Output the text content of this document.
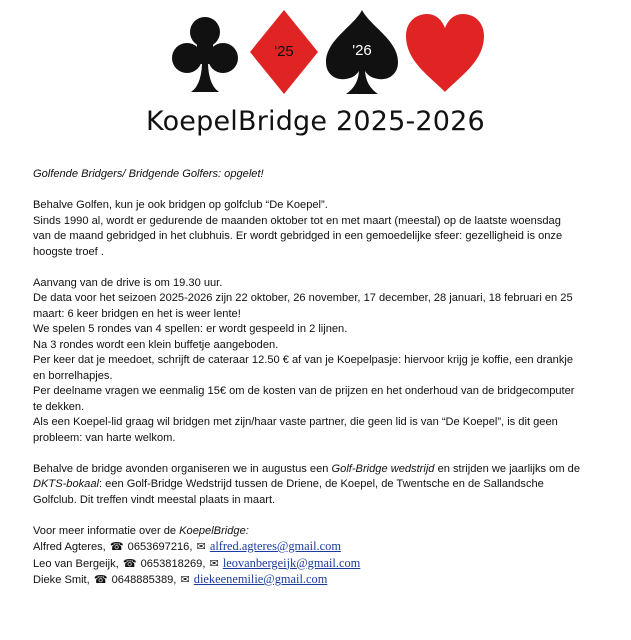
'25	'26
KoepelBridge 2025-2026

Golfende Bridgers/ Bridgende Golfers: opgelet!

Behalve Golfen, kun je ook bridgen op golfclub “De Koepel”.

Sinds 1990 al, wordt er gedurende de maanden oktober tot en met maart (meestal) op de laatste woensdag

van de maand gebridged in het clubhuis. Er wordt gebridged in een gemoedelijke sfeer: gezelligheid is onze

hoogste troef .

Aanvang van de drive is om 19.30 uur.

De data voor het seizoen 2025-2026 zijn 22 oktober, 26 november, 17 december, 28 januari, 18 februari en 25

maart: 6 keer bridgen en het is weer lente!

We spelen 5 rondes van 4 spellen: er wordt gespeeld in 2 lijnen.

Na 3 rondes wordt een klein buffetje aangeboden.

Per keer dat je meedoet, schrijft de cateraar 12.50 € af van je Koepelpasje: hiervoor krijg je koffie, een drankje

en borrelhapjes.

Per deelname vragen we eenmalig 15€ om de kosten van de prijzen en het onderhoud van de bridgecomputer

te dekken.

Als een Koepel-lid graag wil bridgen met zijn/haar vaste partner, die geen lid is van “De Koepel”, is dit geen

probleem: van harte welkom.

Behalve de bridge avonden organiseren we in augustus een Golf-Bridge wedstrijd en strijden we jaarlijks om de

DKTS-bokaal: een Golf-Bridge Wedstrijd tussen de Driene, de Koepel, de Twentsche en de Sallandsche

Golfclub. Dit treffen vindt meestal plaats in maart.

Voor meer informatie over de KoepelBridge:

Alfred Agteres, ☎ 0653697216, ✉ alfred.agteres@gmail.com

Leo van Bergeijk, ☎ 0653818269, ✉ leovanbergeijk@gmail.com

Dieke Smit, ☎ 0648885389, ✉ diekeenemilie@gmail.com
